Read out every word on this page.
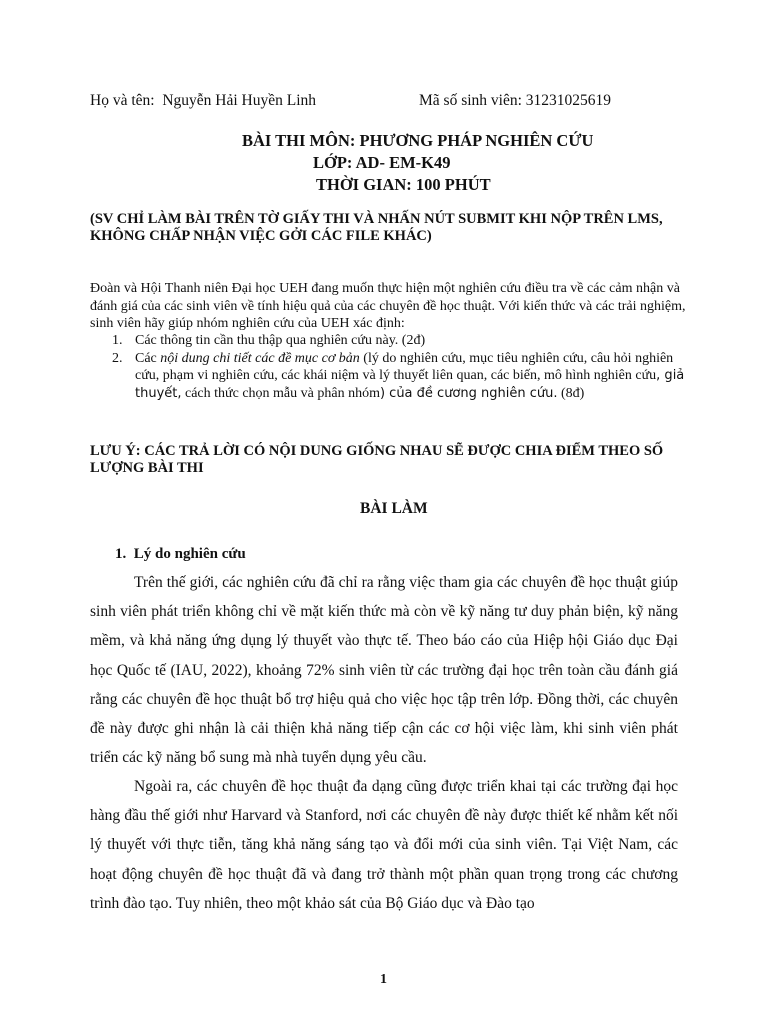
Họ và tên: Nguyễn Hải Huyền Linh	Mã số sinh viên: 31231025619
BÀI THI MÔN: PHƯƠNG PHÁP NGHIÊN CỨU
LỚP: AD- EM-K49
THỜI GIAN: 100 PHÚT
(SV CHỈ LÀM BÀI TRÊN TỜ GIẤY THI VÀ NHẤN NÚT SUBMIT KHI NỘP TRÊN LMS, KHÔNG CHẤP NHẬN VIỆC GỞI CÁC FILE KHÁC)
Đoàn và Hội Thanh niên Đại học UEH đang muốn thực hiện một nghiên cứu điều tra về các cảm nhận và đánh giá của các sinh viên về tính hiệu quả của các chuyên đề học thuật. Với kiến thức và các trải nghiệm, sinh viên hãy giúp nhóm nghiên cứu của UEH xác định:
1. Các thông tin cần thu thập qua nghiên cứu này. (2đ)
2. Các nội dung chi tiết các đề mục cơ bản (lý do nghiên cứu, mục tiêu nghiên cứu, câu hỏi nghiên cứu, phạm vi nghiên cứu, các khái niệm và lý thuyết liên quan, các biến, mô hình nghiên cứu, giả thuyết, cách thức chọn mẫu và phân nhóm) của đề cương nghiên cứu. (8đ)
LƯU Ý: CÁC TRẢ LỜI CÓ NỘI DUNG GIỐNG NHAU SẼ ĐƯỢC CHIA ĐIỂM THEO SỐ LƯỢNG BÀI THI
BÀI LÀM
1. Lý do nghiên cứu

Trên thế giới, các nghiên cứu đã chỉ ra rằng việc tham gia các chuyên đề học thuật giúp sinh viên phát triển không chỉ về mặt kiến thức mà còn về kỹ năng tư duy phản biện, kỹ năng mềm, và khả năng ứng dụng lý thuyết vào thực tế. Theo báo cáo của Hiệp hội Giáo dục Đại học Quốc tế (IAU, 2022), khoảng 72% sinh viên từ các trường đại học trên toàn cầu đánh giá rằng các chuyên đề học thuật bổ trợ hiệu quả cho việc học tập trên lớp. Đồng thời, các chuyên đề này được ghi nhận là cải thiện khả năng tiếp cận các cơ hội việc làm, khi sinh viên phát triển các kỹ năng bổ sung mà nhà tuyển dụng yêu cầu.

Ngoài ra, các chuyên đề học thuật đa dạng cũng được triển khai tại các trường đại học hàng đầu thế giới như Harvard và Stanford, nơi các chuyên đề này được thiết kế nhằm kết nối lý thuyết với thực tiễn, tăng khả năng sáng tạo và đổi mới của sinh viên. Tại Việt Nam, các hoạt động chuyên đề học thuật đã và đang trở thành một phần quan trọng trong các chương trình đào tạo. Tuy nhiên, theo một khảo sát của Bộ Giáo dục và Đào tạo

1
